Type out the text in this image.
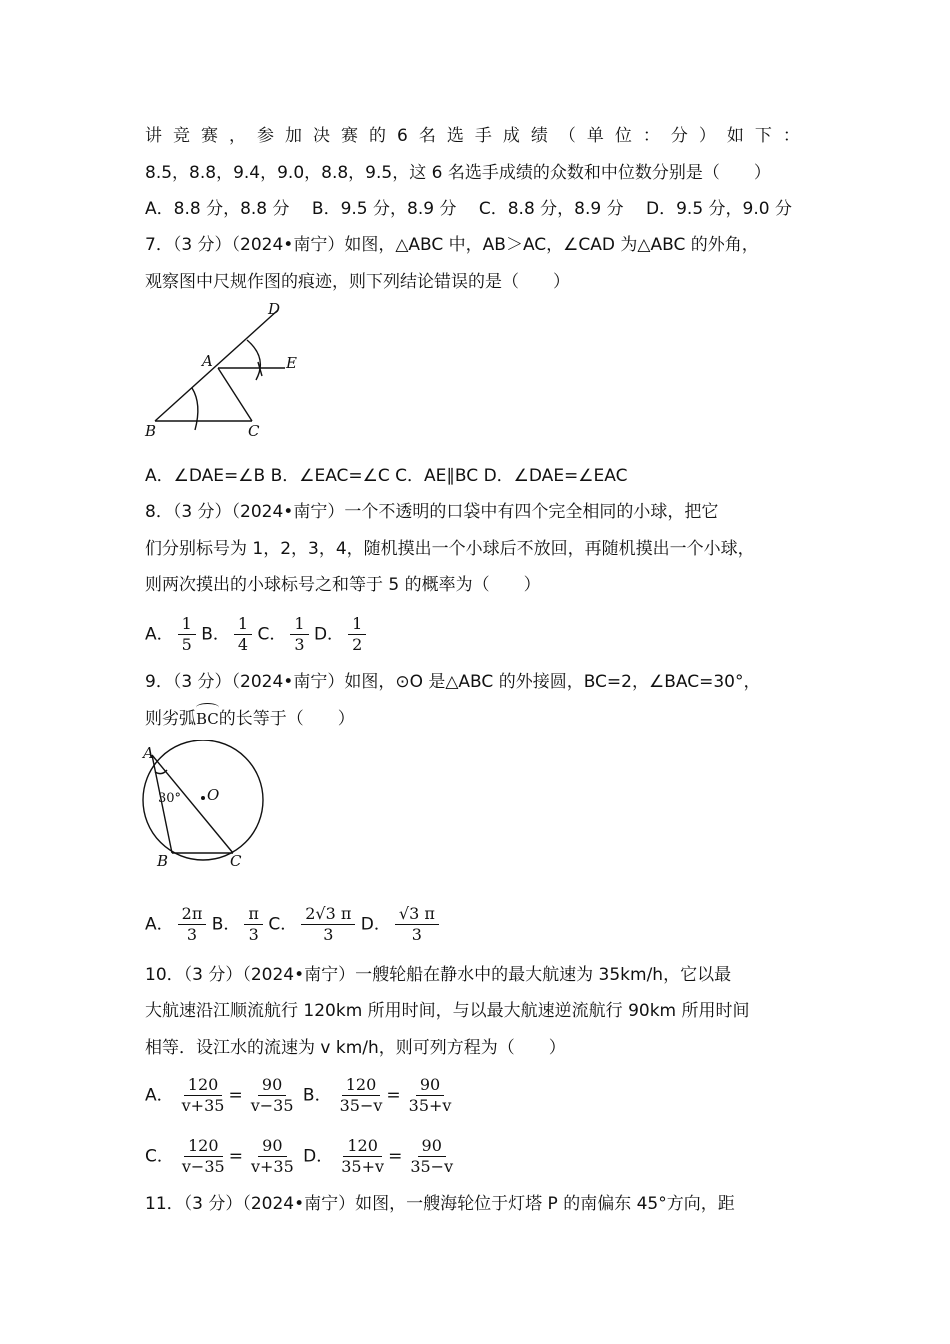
讲竞赛，参加决赛的6名选手成绩（单位：分）如下：
8.5，8.8，9.4，9.0，8.8，9.5，这 6 名选手成绩的众数和中位数分别是（　　）
A．8.8 分，8.8 分　 B．9.5 分，8.9 分　 C．8.8 分，8.9 分　 D．9.5 分，9.0 分
7．（3 分）（2024•南宁）如图，△ABC 中，AB＞AC，∠CAD 为△ABC 的外角，
观察图中尺规作图的痕迹，则下列结论错误的是（　　）
B	C
A
D
E
A．∠DAE=∠B B．∠EAC=∠C C．AE∥BC D．∠DAE=∠EAC
8．（3 分）（2024•南宁）一个不透明的口袋中有四个完全相同的小球，把它
们分别标号为 1，2，3，4，随机摸出一个小球后不放回，再随机摸出一个小球，
则两次摸出的小球标号之和等于 5 的概率为（　　）
A． $\frac{1}{5}$ B． $\frac{1}{4}$ C． $\frac{1}{3}$ D． $\frac{1}{2}$
9．（3 分）（2024•南宁）如图，⊙O 是△ABC 的外接圆，BC=2，∠BAC=30°，
则劣弧BC的长等于（　　）
A
30° O
B	C
A． $\frac{2\pi}{3}$ B． $\frac{\pi}{3}$ C． $\frac{2√3 \pi}{3}$ D． $\frac{√3 \pi}{3}$
10．（3 分）（2024•南宁）一艘轮船在静水中的最大航速为 35km/h，它以最
大航速沿江顺流航行 120km 所用时间，与以最大航速逆流航行 90km 所用时间
相等．设江水的流速为 v km/h，则可列方程为（　　）
A． $\frac{120}{v+35} = \frac{90}{v-35}$ B． $\frac{120}{35-v} = \frac{90}{35+v}$
C． $\frac{120}{v-35} = \frac{90}{v+35}$ D． $\frac{120}{35+v} = \frac{90}{35-v}$
11．（3 分）（2024•南宁）如图，一艘海轮位于灯塔 P 的南偏东 45°方向，距
